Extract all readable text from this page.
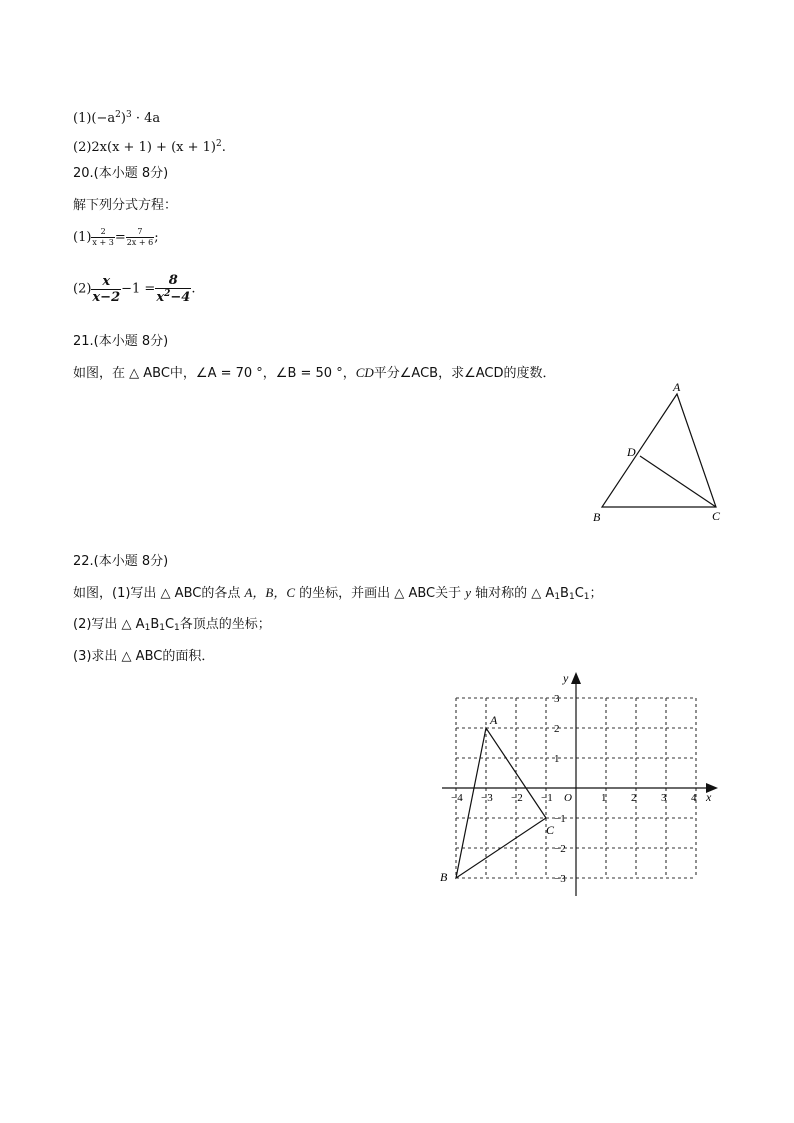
$(1)(-a^2)^3 \cdot 4a$
$(2)2x(x + 1) + (x + 1)^2$.
20.(本小题 8分)
解下列分式方程：
$(1) \frac{2}{x + 3} = \frac{7}{2x + 6}$ ;
$(2) \frac{x}{x-2} -1 = \frac{8}{x^2-4}$ .
21.(本小题 8分)
如图，在 △ ABC中，∠A = 70 °，∠B = 50 °，CD平分∠ACB，求∠ACD的度数．
A
D
B	C
22.(本小题 8分)
如图，(1)写出 △ ABC的各点 A，B，C 的坐标，并画出 △ ABC关于 y 轴对称的 △ $A_1B_1C_1$；
(2)写出 △ $A_1B_1C_1$各顶点的坐标；
(3)求出 △ ABC的面积．
x
y
O
−4 −3 −2 −1	1 2 3 4
3
2
1
−1
−2
−3
A
B
C
